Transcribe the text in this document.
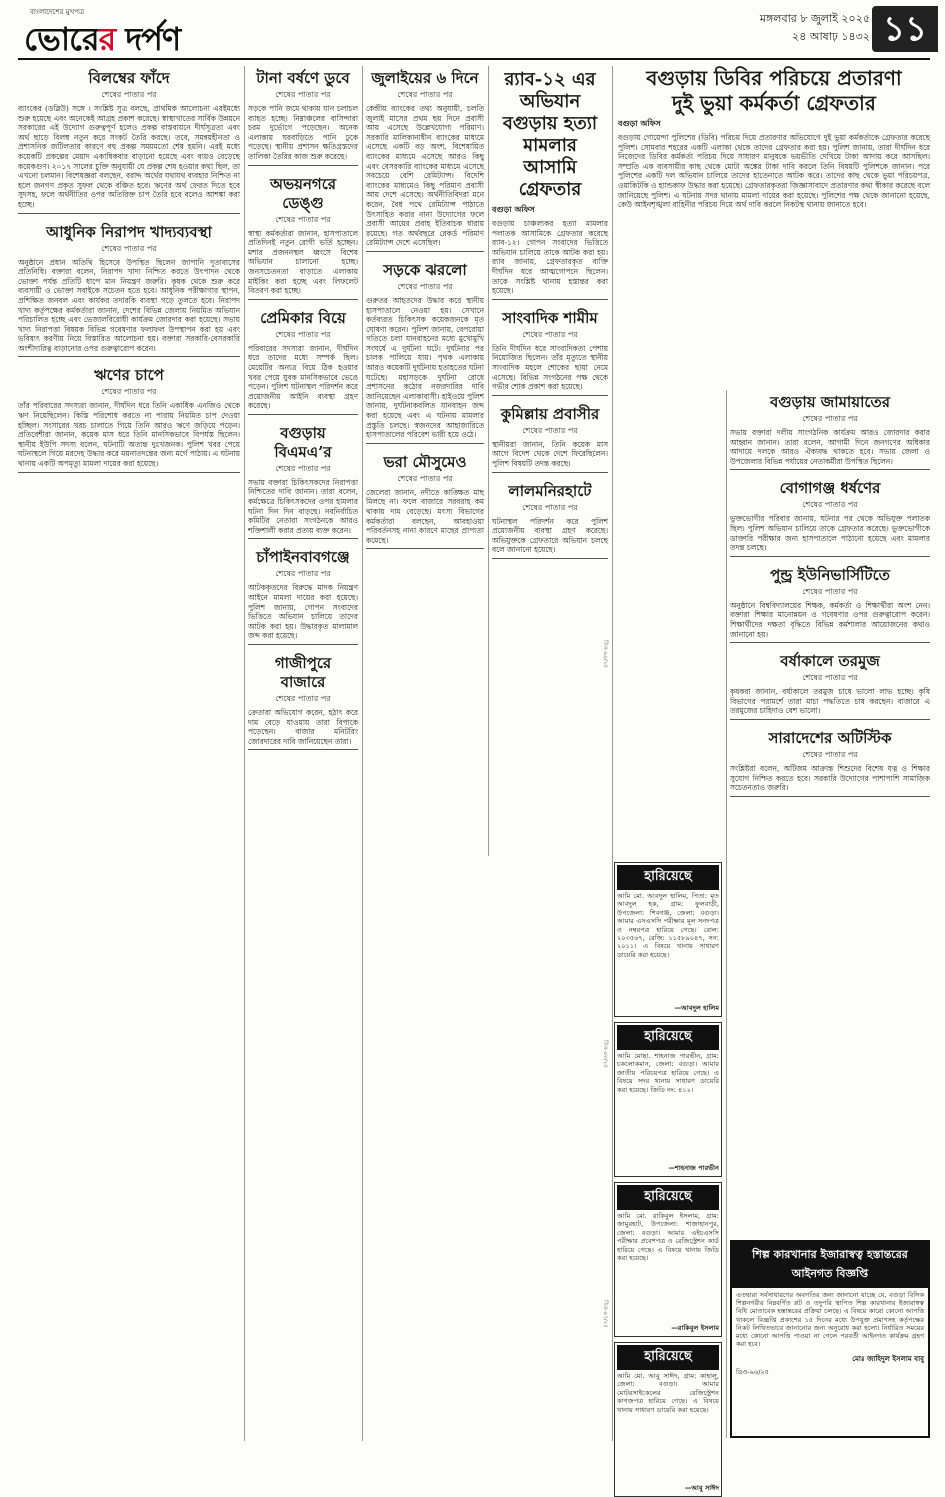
বাংলাদেশের মুখপত্র
ভোরের দর্পণ
মঙ্গলবার ৮ জুলাই ২০২৫
২৪ আষাঢ় ১৪৩২ ১১
বিলম্বের ফাঁদে
শেষের পাতার পর
ব্যাংকের (ডব্লিউ) সঙ্গে । সংশ্লিষ্ট সূত্র বলছে, প্রাথমিক আলোচনা এরইমধ্যে শুরু হয়েছে এবং অনেকেই আগ্রহ প্রকাশ করেছে। স্বাস্থ্যখাতের সার্বিক উন্নয়নে সরকারের এই উদ্যোগ গুরুত্বপূর্ণ হলেও প্রকল্প বাস্তবায়নে দীর্ঘসূত্রতা এবং অর্থ ছাড়ে বিলম্ব নতুন করে সংকট তৈরি করছে। তবে, সমন্বয়হীনতা ও প্রশাসনিক জটিলতার কারণে বহু প্রকল্প সময়মতো শেষ হয়নি। এরই মধ্যে কয়েকটি প্রকল্পের মেয়াদ একাধিকবার বাড়ানো হয়েছে এবং ব্যয়ও বেড়েছে কয়েকগুণ। ২০১৭ সালের চুক্তি অনুযায়ী যে প্রকল্প শেষ হওয়ার কথা ছিল, তা এখনো চলমান। বিশেষজ্ঞরা বলছেন, বরাদ্দ অর্থের যথাযথ ব্যবহার নিশ্চিত না হলে জনগণ প্রকৃত সুফল থেকে বঞ্চিত হবে। ঋণের অর্থ ফেরত দিতে হবে সুদসহ, ফলে অর্থনীতির ওপর অতিরিক্ত চাপ তৈরি হবে বলেও আশঙ্কা করা হচ্ছে।
আধুনিক নিরাপদ খাদ্যব্যবস্থা
শেষের পাতার পর
অনুষ্ঠানে প্রধান অতিথি হিসেবে উপস্থিত ছিলেন জাপানি দূতাবাসের প্রতিনিধি। বক্তারা বলেন, নিরাপদ খাদ্য নিশ্চিত করতে উৎপাদন থেকে ভোক্তা পর্যন্ত প্রতিটি ধাপে মান নিয়ন্ত্রণ জরুরি। কৃষক থেকে শুরু করে ব্যবসায়ী ও ভোক্তা সবাইকে সচেতন হতে হবে। আধুনিক পরীক্ষাগার স্থাপন, প্রশিক্ষিত জনবল এবং কার্যকর তদারকি ব্যবস্থা গড়ে তুলতে হবে। নিরাপদ খাদ্য কর্তৃপক্ষের কর্মকর্তারা জানান, দেশের বিভিন্ন জেলায় নিয়মিত অভিযান পরিচালিত হচ্ছে এবং ভেজালবিরোধী কার্যক্রম জোরদার করা হয়েছে। সভায় খাদ্য নিরাপত্তা বিষয়ক বিভিন্ন গবেষণার ফলাফল উপস্থাপন করা হয় এবং ভবিষ্যৎ করণীয় নিয়ে বিস্তারিত আলোচনা হয়। বক্তারা সরকারি-বেসরকারি অংশীদারিত্ব বাড়ানোর ওপর গুরুত্বারোপ করেন।
ঋণের চাপে
শেষের পাতার পর
তাঁর পরিবারের সদস্যরা জানান, দীর্ঘদিন ধরে তিনি একাধিক এনজিও থেকে ঋণ নিয়েছিলেন। কিস্তি পরিশোধ করতে না পারায় নিয়মিত চাপ দেওয়া হচ্ছিল। সংসারের খরচ চালাতে গিয়ে তিনি আরও ঋণে জড়িয়ে পড়েন। প্রতিবেশীরা জানান, কয়েক মাস ধরে তিনি মানসিকভাবে বিপর্যস্ত ছিলেন। স্থানীয় ইউপি সদস্য বলেন, ঘটনাটি অত্যন্ত দুঃখজনক। পুলিশ খবর পেয়ে ঘটনাস্থলে গিয়ে মরদেহ উদ্ধার করে ময়নাতদন্তের জন্য মর্গে পাঠায়। এ ঘটনায় থানায় একটি অপমৃত্যু মামলা দায়ের করা হয়েছে।
টানা বর্ষণে ডুবে
শেষের পাতার পর
সড়কে পানি জমে থাকায় যান চলাচল ব্যাহত হচ্ছে। নিম্নাঞ্চলের বাসিন্দারা চরম দুর্ভোগে পড়েছেন। অনেক এলাকায় ঘরবাড়িতে পানি ঢুকে পড়েছে। স্থানীয় প্রশাসন ক্ষতিগ্রস্তদের তালিকা তৈরির কাজ শুরু করেছে।
অভয়নগরে ডেঙ্গু
শেষের পাতার পর
স্বাস্থ্য কর্মকর্তারা জানান, হাসপাতালে প্রতিদিনই নতুন রোগী ভর্তি হচ্ছেন। মশার প্রজননস্থল ধ্বংসে বিশেষ অভিযান চালানো হচ্ছে। জনসচেতনতা বাড়াতে এলাকায় মাইকিং করা হচ্ছে এবং লিফলেট বিতরণ করা হচ্ছে।
প্রেমিকার বিয়ে
শেষের পাতার পর
পরিবারের সদস্যরা জানান, দীর্ঘদিন ধরে তাদের মধ্যে সম্পর্ক ছিল। মেয়েটির অন্যত্র বিয়ে ঠিক হওয়ার খবর পেয়ে যুবক মানসিকভাবে ভেঙে পড়েন। পুলিশ ঘটনাস্থল পরিদর্শন করে প্রয়োজনীয় আইনি ব্যবস্থা গ্রহণ করেছে।
বগুড়ায় বিএমএ’র
শেষের পাতার পর
সভায় বক্তারা চিকিৎসকদের নিরাপত্তা নিশ্চিতের দাবি জানান। তারা বলেন, কর্মক্ষেত্রে চিকিৎসকদের ওপর হামলার ঘটনা দিন দিন বাড়ছে। নবনির্বাচিত কমিটির নেতারা সংগঠনকে আরও শক্তিশালী করার প্রত্যয় ব্যক্ত করেন।
চাঁপাইনবাবগঞ্জে
শেষের পাতার পর
আটককৃতদের বিরুদ্ধে মাদক নিয়ন্ত্রণ আইনে মামলা দায়ের করা হয়েছে। পুলিশ জানায়, গোপন সংবাদের ভিত্তিতে অভিযান চালিয়ে তাদের আটক করা হয়। উদ্ধারকৃত মালামাল জব্দ করা হয়েছে।
গাজীপুরে বাজারে
শেষের পাতার পর
ক্রেতারা অভিযোগ করেন, হঠাৎ করে দাম বেড়ে যাওয়ায় তারা বিপাকে পড়েছেন। বাজার মনিটরিং জোরদারের দাবি জানিয়েছেন তারা।
জুলাইয়ের ৬ দিনে
শেষের পাতার পর
কেন্দ্রীয় ব্যাংকের তথ্য অনুযায়ী, চলতি জুলাই মাসের প্রথম ছয় দিনে প্রবাসী আয় এসেছে উল্লেখযোগ্য পরিমাণ। সরকারি মালিকানাধীন ব্যাংকের মাধ্যমে এসেছে একটি বড় অংশ, বিশেষায়িত ব্যাংকের মাধ্যমে এসেছে আরও কিছু এবং বেসরকারি ব্যাংকের মাধ্যমে এসেছে সবচেয়ে বেশি রেমিট্যান্স। বিদেশি ব্যাংকের মাধ্যমেও কিছু পরিমাণ প্রবাসী আয় দেশে এসেছে। অর্থনীতিবিদরা মনে করেন, বৈধ পথে রেমিট্যান্স পাঠাতে উৎসাহিত করার নানা উদ্যোগের ফলে প্রবাসী আয়ের প্রবাহ ইতিবাচক ধারায় রয়েছে। গত অর্থবছরে রেকর্ড পরিমাণ রেমিট্যান্স দেশে এসেছিল।
সড়কে ঝরলো
শেষের পাতার পর
গুরুতর আহতদের উদ্ধার করে স্থানীয় হাসপাতালে নেওয়া হয়। সেখানে কর্তব্যরত চিকিৎসক কয়েকজনকে মৃত ঘোষণা করেন। পুলিশ জানায়, বেপরোয়া গতিতে চলা যানবাহনের মধ্যে মুখোমুখি সংঘর্ষে এ দুর্ঘটনা ঘটে। দুর্ঘটনার পর চালক পালিয়ে যায়। পৃথক এলাকায় আরও কয়েকটি দুর্ঘটনায় হতাহতের ঘটনা ঘটেছে। মহাসড়কে দুর্ঘটনা রোধে প্রশাসনের কঠোর নজরদারির দাবি জানিয়েছেন এলাকাবাসী। হাইওয়ে পুলিশ জানায়, দুর্ঘটনাকবলিত যানবাহন জব্দ করা হয়েছে এবং এ ঘটনায় মামলার প্রস্তুতি চলছে। স্বজনদের আহাজারিতে হাসপাতালের পরিবেশ ভারী হয়ে ওঠে।
ভরা মৌসুমেও
শেষের পাতার পর
জেলেরা জানান, নদীতে কাঙ্ক্ষিত মাছ মিলছে না। ফলে বাজারে সরবরাহ কম থাকায় দাম বেড়েছে। মৎস্য বিভাগের কর্মকর্তারা বলছেন, আবহাওয়া পরিবর্তনসহ নানা কারণে মাছের প্রাপ্যতা কমেছে।
র‌্যাব-১২ এর অভিযান বগুড়ায় হত্যা মামলার আসামি গ্রেফতার
বগুড়া অফিস
বগুড়ায় চাঞ্চল্যকর হত্যা মামলার পলাতক আসামিকে গ্রেফতার করেছে র‌্যাব-১২। গোপন সংবাদের ভিত্তিতে অভিযান চালিয়ে তাকে আটক করা হয়। র‌্যাব জানায়, গ্রেফতারকৃত ব্যক্তি দীর্ঘদিন ধরে আত্মগোপনে ছিলেন। তাকে সংশ্লিষ্ট থানায় হস্তান্তর করা হয়েছে।
সাংবাদিক শামীম
শেষের পাতার পর
তিনি দীর্ঘদিন ধরে সাংবাদিকতা পেশায় নিয়োজিত ছিলেন। তাঁর মৃত্যুতে স্থানীয় সাংবাদিক মহলে শোকের ছায়া নেমে এসেছে। বিভিন্ন সংগঠনের পক্ষ থেকে গভীর শোক প্রকাশ করা হয়েছে।
কুমিল্লায় প্রবাসীর
শেষের পাতার পর
স্থানীয়রা জানান, তিনি কয়েক মাস আগে বিদেশ থেকে দেশে ফিরেছিলেন। পুলিশ বিষয়টি তদন্ত করছে।
লালমনিরহাটে
শেষের পাতার পর
ঘটনাস্থল পরিদর্শন করে পুলিশ প্রয়োজনীয় ব্যবস্থা গ্রহণ করেছে। অভিযুক্তকে গ্রেফতারে অভিযান চলছে বলে জানানো হয়েছে।
হারিয়েছে
আমি মো. আবদুল হালিম, পিতা: মৃত আবদুল হক, গ্রাম: ফুলবাড়ী, উপজেলা: শিবগঞ্জ, জেলা: বগুড়া। আমার এসএসসি পরীক্ষার মূল সনদপত্র ও নম্বরপত্র হারিয়ে গেছে। রোল: ২০৩৫৬৭, রেজি: ১১৫৮৯০৪৭, সন: ২০১১। এ বিষয়ে থানায় সাধারণ ডায়েরি করা হয়েছে।
—আবদুল হালিম
হারিয়েছে
আমি মোছা. শাহনাজ পারভীন, গ্রাম: চকলোকমান, জেলা: বগুড়া। আমার জাতীয় পরিচয়পত্র হারিয়ে গেছে। এ বিষয়ে সদর থানায় সাধারণ ডায়েরি করা হয়েছে। জিডি নং: ৪১২।
—শাহনাজ পারভীন
হারিয়েছে
আমি মো. রাকিবুল ইসলাম, গ্রাম: জামুরহাট, উপজেলা: শাজাহানপুর, জেলা: বগুড়া। আমার এইচএসসি পরীক্ষার প্রবেশপত্র ও রেজিস্ট্রেশন কার্ড হারিয়ে গেছে। এ বিষয়ে থানায় জিডি করা হয়েছে।
—রাকিবুল ইসলাম
হারিয়েছে
আমি মো. আবু সাঈদ, গ্রাম: কাহালু, জেলা: বগুড়া। আমার মোটরসাইকেলের রেজিস্ট্রেশন কাগজপত্র হারিয়ে গেছে। এ বিষয়ে থানায় সাধারণ ডায়েরি করা হয়েছে।
—আবু সাঈদ
বগুড়ায় ডিবির পরিচয়ে প্রতারণা
দুই ভুয়া কর্মকর্তা গ্রেফতার
বগুড়া অফিস
বগুড়ায় গোয়েন্দা পুলিশের (ডিবি) পরিচয় দিয়ে প্রতারণার অভিযোগে দুই ভুয়া কর্মকর্তাকে গ্রেফতার করেছে পুলিশ। সোমবার শহরের একটি এলাকা থেকে তাদের গ্রেফতার করা হয়। পুলিশ জানায়, তারা দীর্ঘদিন ধরে নিজেদের ডিবির কর্মকর্তা পরিচয় দিয়ে সাধারণ মানুষকে ভয়ভীতি দেখিয়ে টাকা আদায় করে আসছিল। সম্প্রতি এক ব্যবসায়ীর কাছ থেকে মোটা অঙ্কের টাকা দাবি করলে তিনি বিষয়টি পুলিশকে জানান। পরে পুলিশের একটি দল অভিযান চালিয়ে তাদের হাতেনাতে আটক করে। তাদের কাছ থেকে ভুয়া পরিচয়পত্র, ওয়াকিটকি ও হ্যান্ডকাফ উদ্ধার করা হয়েছে। গ্রেফতারকৃতরা জিজ্ঞাসাবাদে প্রতারণার কথা স্বীকার করেছে বলে জানিয়েছে পুলিশ। এ ঘটনায় সদর থানায় মামলা দায়ের করা হয়েছে। পুলিশের পক্ষ থেকে জানানো হয়েছে, কেউ আইনশৃঙ্খলা বাহিনীর পরিচয় দিয়ে অর্থ দাবি করলে নিকটস্থ থানায় জানাতে হবে।
বগুড়ায় জামায়াতের
শেষের পাতার পর
সভায় বক্তারা দলীয় সাংগঠনিক কার্যক্রম আরও জোরদার করার আহ্বান জানান। তারা বলেন, আগামী দিনে জনগণের অধিকার আদায়ে দলকে আরও ঐক্যবদ্ধ থাকতে হবে। সভায় জেলা ও উপজেলার বিভিন্ন পর্যায়ের নেতাকর্মীরা উপস্থিত ছিলেন।
বোগাগঞ্জ ধর্ষণের
শেষের পাতার পর
ভুক্তভোগীর পরিবার জানায়, ঘটনার পর থেকে অভিযুক্ত পলাতক ছিল। পুলিশ অভিযান চালিয়ে তাকে গ্রেফতার করেছে। ভুক্তভোগীকে ডাক্তারি পরীক্ষার জন্য হাসপাতালে পাঠানো হয়েছে এবং মামলার তদন্ত চলছে।
পুন্ড্র ইউনিভার্সিটিতে
শেষের পাতার পর
অনুষ্ঠানে বিশ্ববিদ্যালয়ের শিক্ষক, কর্মকর্তা ও শিক্ষার্থীরা অংশ নেন। বক্তারা শিক্ষার মানোন্নয়ন ও গবেষণার ওপর গুরুত্বারোপ করেন। শিক্ষার্থীদের দক্ষতা বৃদ্ধিতে বিভিন্ন কর্মশালার আয়োজনের কথাও জানানো হয়।
বর্ষাকালে তরমুজ
শেষের পাতার পর
কৃষকরা জানান, বর্ষাকালে তরমুজ চাষে ভালো লাভ হচ্ছে। কৃষি বিভাগের পরামর্শে তারা মাচা পদ্ধতিতে চাষ করছেন। বাজারে এ তরমুজের চাহিদাও বেশ ভালো।
সারাদেশের অটিস্টিক
শেষের পাতার পর
সংশ্লিষ্টরা বলেন, অটিজম আক্রান্ত শিশুদের বিশেষ যত্ন ও শিক্ষার সুযোগ নিশ্চিত করতে হবে। সরকারি উদ্যোগের পাশাপাশি সামাজিক সচেতনতাও জরুরি।
শিল্প কারখানার ইজারাস্বত্ব হস্তান্তরের আইনগত বিজ্ঞপ্তি
এতদ্বারা সর্বসাধারণের অবগতির জন্য জানানো যাচ্ছে যে, বগুড়া বিসিক শিল্পনগরীর নিম্নবর্ণিত প্লট ও তদুপরি স্থাপিত শিল্প কারখানার ইজারাস্বত্ব বিধি মোতাবেক হস্তান্তরের প্রক্রিয়া চলছে। এ বিষয়ে কারো কোনো আপত্তি থাকলে বিজ্ঞপ্তি প্রকাশের ১৫ দিনের মধ্যে উপযুক্ত প্রমাণসহ কর্তৃপক্ষের নিকট লিখিতভাবে জানানোর জন্য অনুরোধ করা হলো। নির্ধারিত সময়ের মধ্যে কোনো আপত্তি পাওয়া না গেলে পরবর্তী আইনগত কার্যক্রম গ্রহণ করা হবে।
মোঃ জাহিদুল ইসলাম বাবু
ডিও-৯৬/২৫
ডিও-৯৯/২৫
ডিও-৯৮/২৫
ডিও-৯৭/২৫
